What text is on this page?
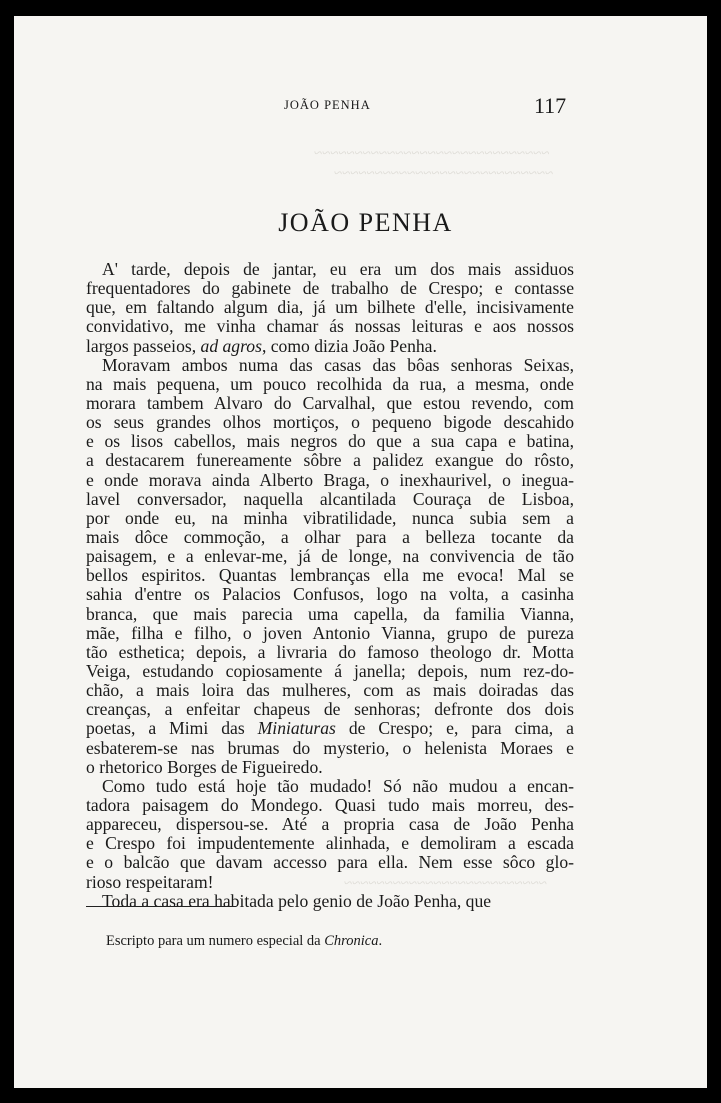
~~~~~~~~~~~~~~~~~~~~~~~~~~~~~
~~~~~~~~~~~~~~~~~~~~~~~~~~~
~~~~~~~~~~~~~~~~~~~~~~~~~
JOÃO PENHA	117
JOÃO PENHA
A' tarde, depois de jantar, eu era um dos mais assiduos
frequentadores do gabinete de trabalho de Crespo; e contasse
que, em faltando algum dia, já um bilhete d'elle, incisivamente
convidativo, me vinha chamar ás nossas leituras e aos nossos
largos passeios, ad agros, como dizia João Penha.
Moravam ambos numa das casas das bôas senhoras Seixas,
na mais pequena, um pouco recolhida da rua, a mesma, onde
morara tambem Alvaro do Carvalhal, que estou revendo, com
os seus grandes olhos mortiços, o pequeno bigode descahido
e os lisos cabellos, mais negros do que a sua capa e batina,
a destacarem funereamente sôbre a palidez exangue do rôsto,
e onde morava ainda Alberto Braga, o inexhaurivel, o inegua-
lavel conversador, naquella alcantilada Couraça de Lisboa,
por onde eu, na minha vibratilidade, nunca subia sem a
mais dôce commoção, a olhar para a belleza tocante da
paisagem, e a enlevar-me, já de longe, na convivencia de tão
bellos espiritos. Quantas lembranças ella me evoca! Mal se
sahia d'entre os Palacios Confusos, logo na volta, a casinha
branca, que mais parecia uma capella, da familia Vianna,
mãe, filha e filho, o joven Antonio Vianna, grupo de pureza
tão esthetica; depois, a livraria do famoso theologo dr. Motta
Veiga, estudando copiosamente á janella; depois, num rez-do-
chão, a mais loira das mulheres, com as mais doiradas das
creanças, a enfeitar chapeus de senhoras; defronte dos dois
poetas, a Mimi das Miniaturas de Crespo; e, para cima, a
esbaterem-se nas brumas do mysterio, o helenista Moraes e
o rhetorico Borges de Figueiredo.
Como tudo está hoje tão mudado! Só não mudou a encan-
tadora paisagem do Mondego. Quasi tudo mais morreu, des-
appareceu, dispersou-se. Até a propria casa de João Penha
e Crespo foi impudentemente alinhada, e demoliram a escada
e o balcão que davam accesso para ella. Nem esse sôco glo-
rioso respeitaram!
Toda a casa era habitada pelo genio de João Penha, que
Escripto para um numero especial da Chronica.
